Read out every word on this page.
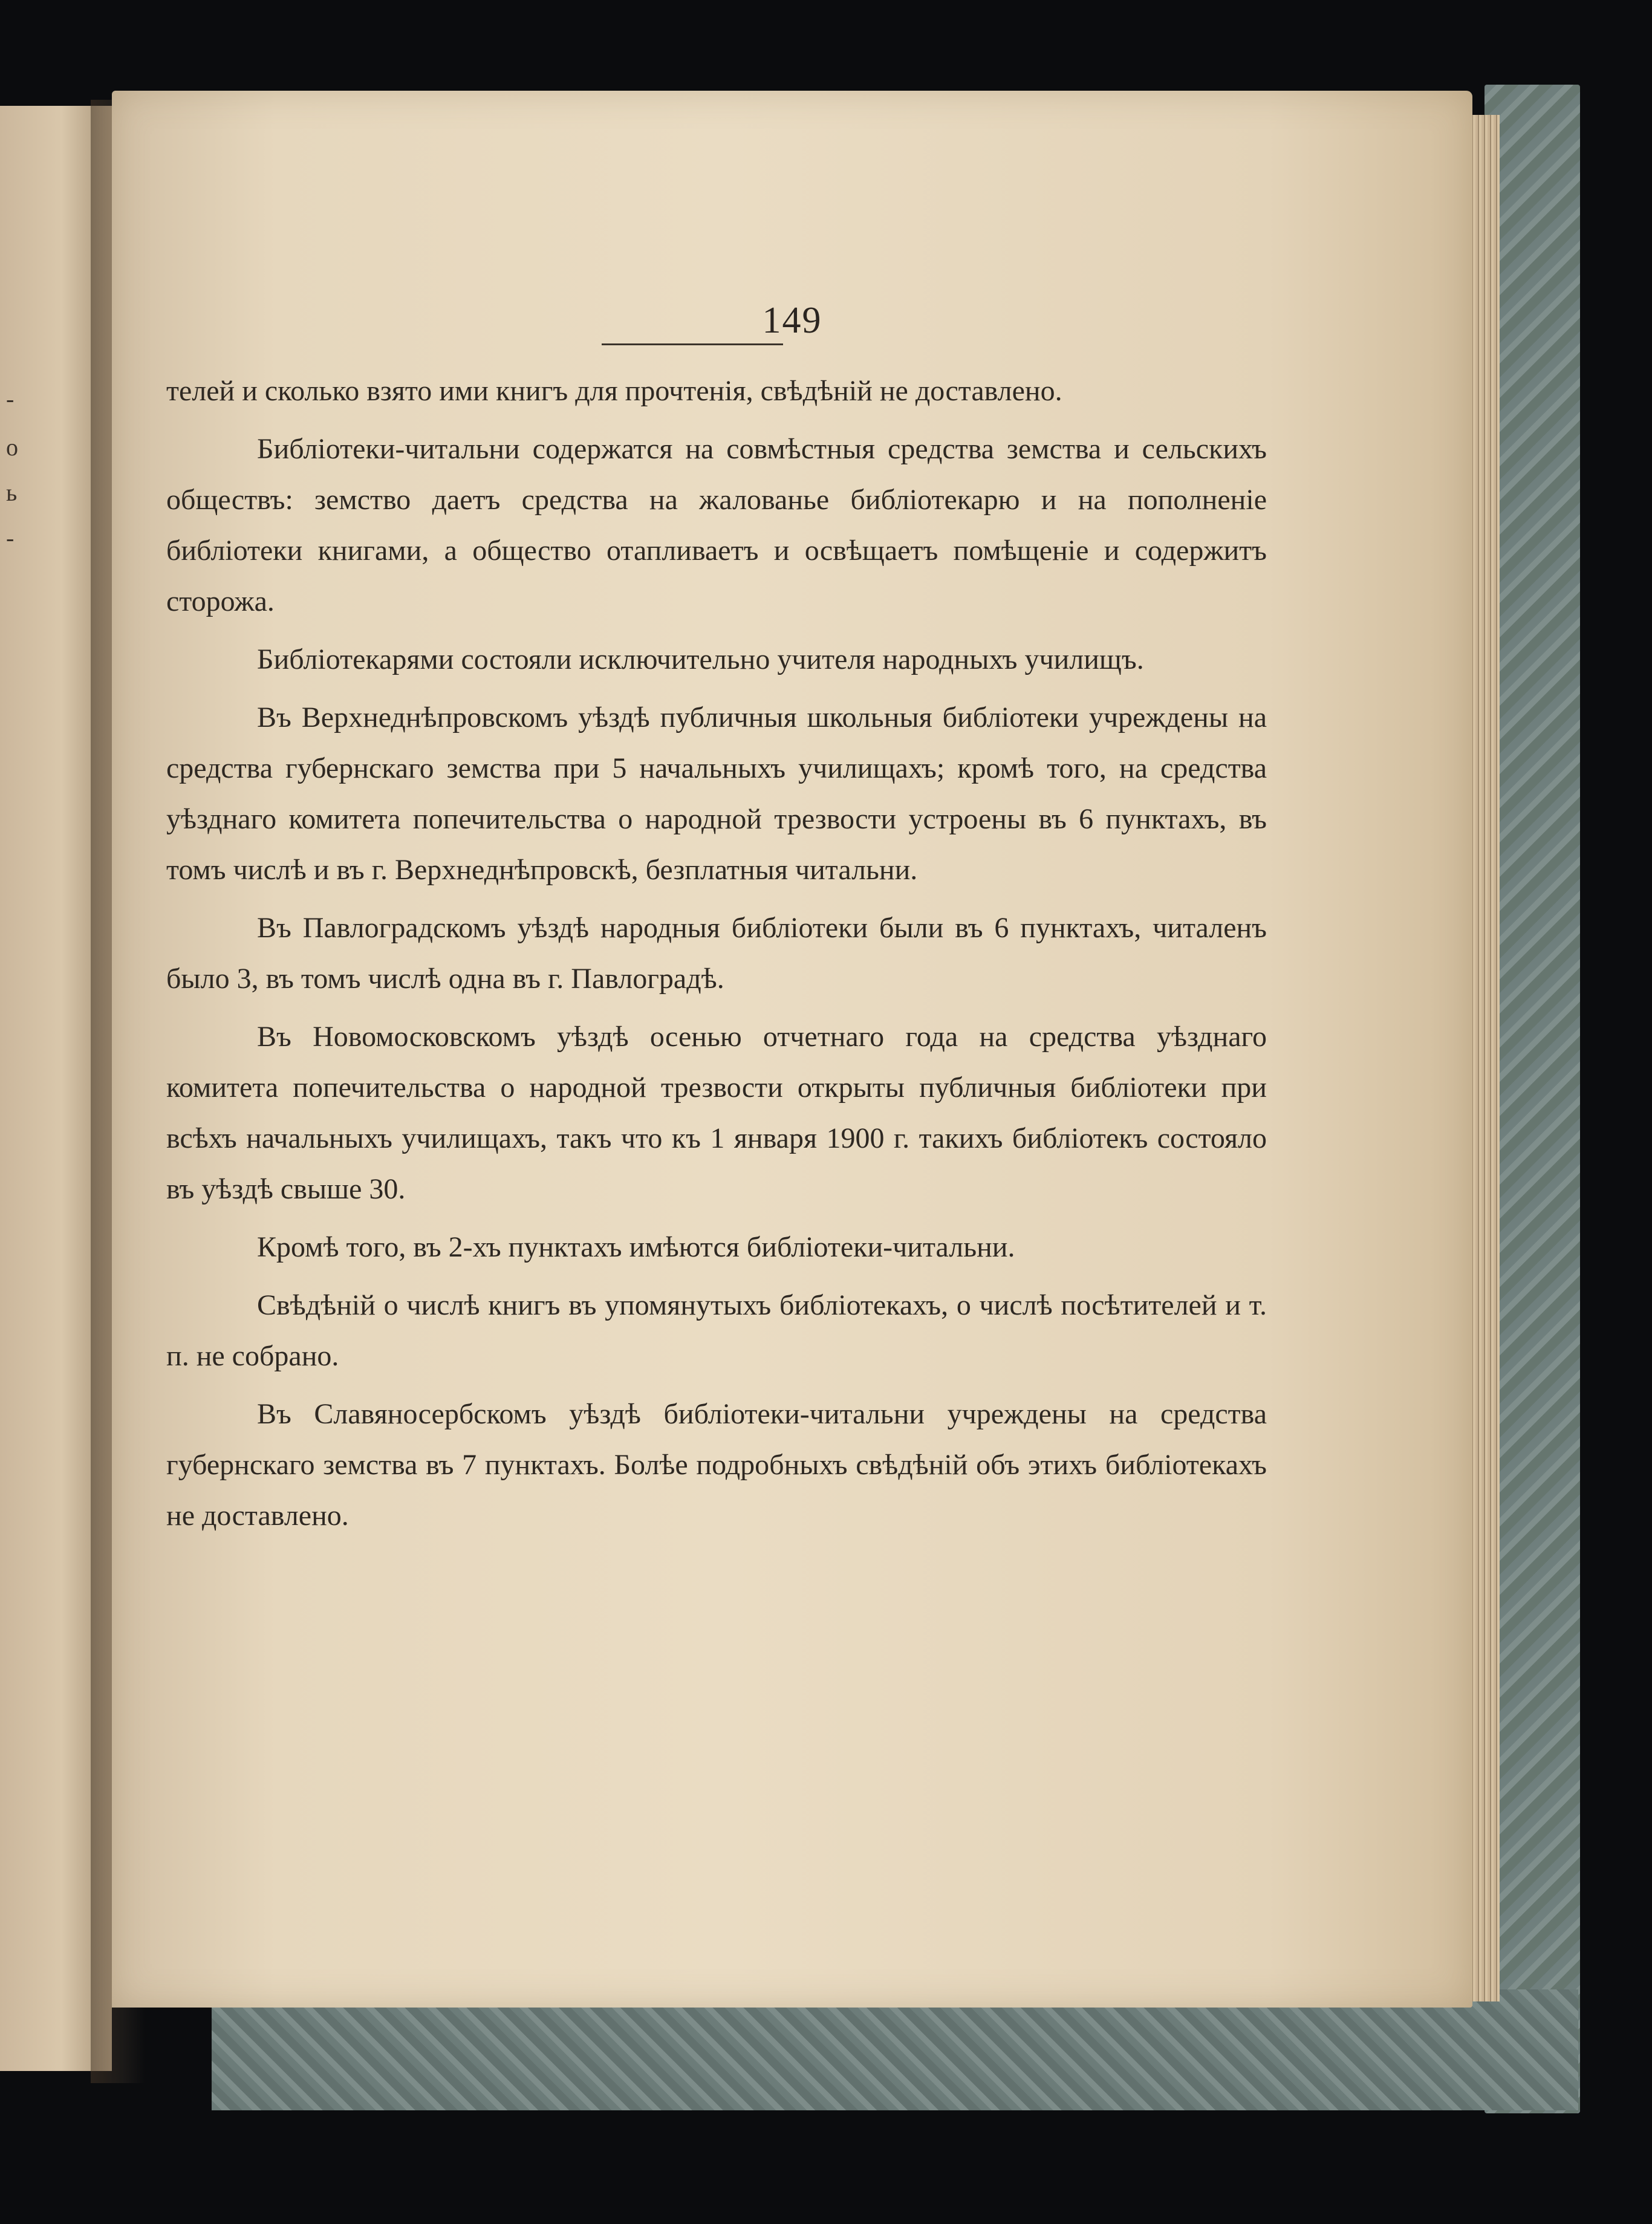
-
о
ь
-
149

телей и сколько взято ими книгъ для прочтенія, свѣдѣній не доставлено.

Библіотеки-читальни содержатся на совмѣстныя средства земства и сельскихъ обществъ: земство даетъ средства на жалованье библіотекарю и на пополненіе библіотеки книгами, а общество отапливаетъ и освѣщаетъ помѣщеніе и содержитъ сторожа.

Библіотекарями состояли исключительно учителя народныхъ училищъ.

Въ Верхнеднѣпровскомъ уѣздѣ публичныя школьныя библіотеки учреждены на средства губернскаго земства при 5 начальныхъ училищахъ; кромѣ того, на средства уѣзднаго комитета попечительства о народной трезвости устроены въ 6 пунктахъ, въ томъ числѣ и въ г. Верхнеднѣпровскѣ, безплатныя читальни.

Въ Павлоградскомъ уѣздѣ народныя библіотеки были въ 6 пунктахъ, читаленъ было 3, въ томъ числѣ одна въ г. Павлоградѣ.

Въ Новомосковскомъ уѣздѣ осенью отчетнаго года на средства уѣзднаго комитета попечительства о народной трезвости открыты публичныя библіотеки при всѣхъ начальныхъ училищахъ, такъ что къ 1 января 1900 г. такихъ библіотекъ состояло въ уѣздѣ свыше 30.

Кромѣ того, въ 2-хъ пунктахъ имѣются библіотеки-читальни.

Свѣдѣній о числѣ книгъ въ упомянутыхъ библіотекахъ, о числѣ посѣтителей и т. п. не собрано.

Въ Славяносербскомъ уѣздѣ библіотеки-читальни учреждены на средства губернскаго земства въ 7 пунктахъ. Болѣе подробныхъ свѣдѣній объ этихъ библіотекахъ не доставлено.
